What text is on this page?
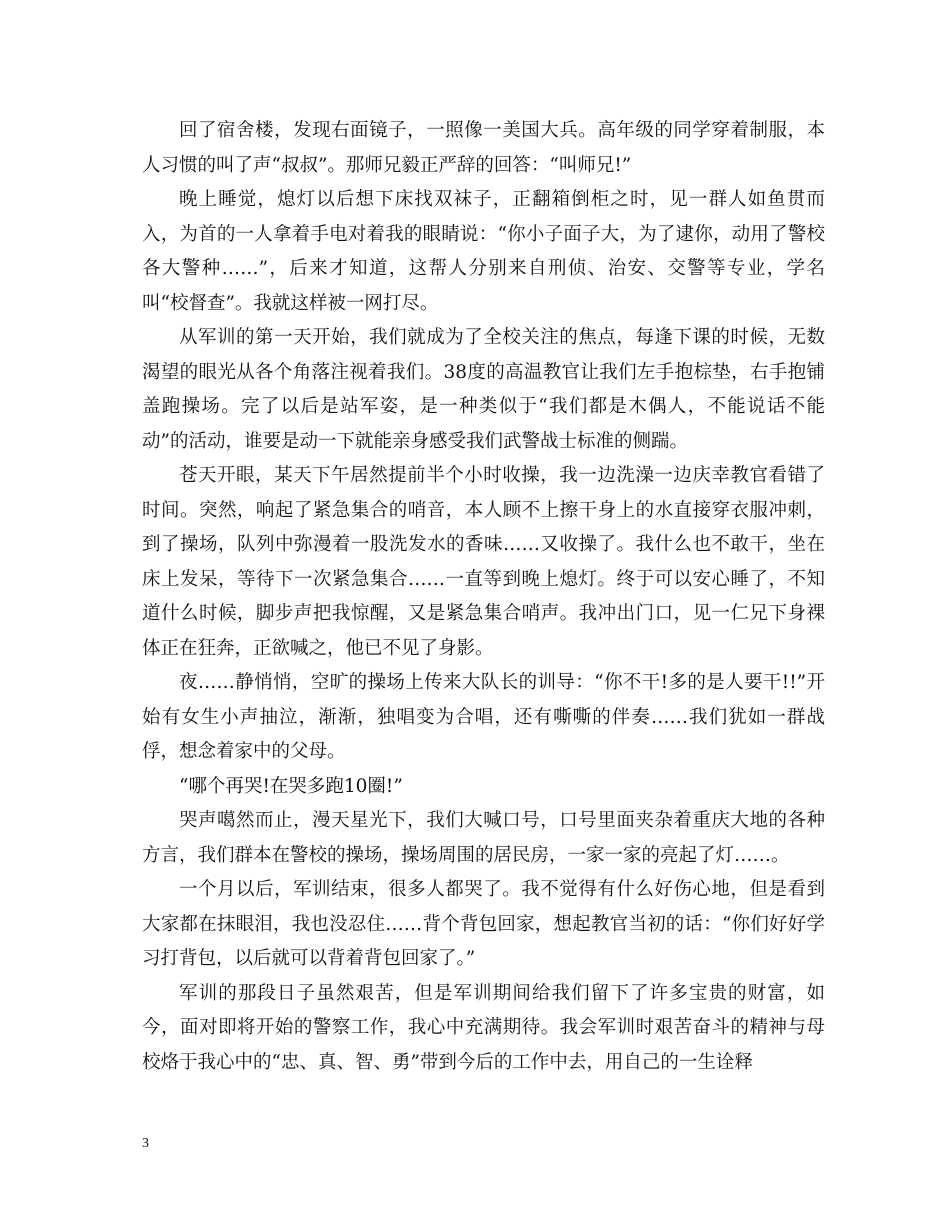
回了宿舍楼，发现右面镜子，一照像一美国大兵。高年级的同学穿着制服，本人习惯的叫了声“叔叔”。那师兄毅正严辞的回答：“叫师兄!”

晚上睡觉，熄灯以后想下床找双袜子，正翻箱倒柜之时，见一群人如鱼贯而入，为首的一人拿着手电对着我的眼睛说：“你小子面子大，为了逮你，动用了警校各大警种……”，后来才知道，这帮人分别来自刑侦、治安、交警等专业，学名叫“校督查”。我就这样被一网打尽。

从军训的第一天开始，我们就成为了全校关注的焦点，每逢下课的时候，无数渴望的眼光从各个角落注视着我们。38度的高温教官让我们左手抱棕垫，右手抱铺盖跑操场。完了以后是站军姿，是一种类似于“我们都是木偶人，不能说话不能动”的活动，谁要是动一下就能亲身感受我们武警战士标准的侧踹。

苍天开眼，某天下午居然提前半个小时收操，我一边洗澡一边庆幸教官看错了时间。突然，响起了紧急集合的哨音，本人顾不上擦干身上的水直接穿衣服冲刺，到了操场，队列中弥漫着一股洗发水的香味……又收操了。我什么也不敢干，坐在床上发呆，等待下一次紧急集合……一直等到晚上熄灯。终于可以安心睡了，不知道什么时候，脚步声把我惊醒，又是紧急集合哨声。我冲出门口，见一仁兄下身裸体正在狂奔，正欲喊之，他已不见了身影。

夜……静悄悄，空旷的操场上传来大队长的训导：“你不干!多的是人要干!!”开始有女生小声抽泣，渐渐，独唱变为合唱，还有嘶嘶的伴奏……我们犹如一群战俘，想念着家中的父母。

“哪个再哭!在哭多跑10圈!”

哭声噶然而止，漫天星光下，我们大喊口号，口号里面夹杂着重庆大地的各种方言，我们群本在警校的操场，操场周围的居民房，一家一家的亮起了灯……。

一个月以后，军训结束，很多人都哭了。我不觉得有什么好伤心地，但是看到大家都在抹眼泪，我也没忍住……背个背包回家，想起教官当初的话：“你们好好学习打背包，以后就可以背着背包回家了。”

军训的那段日子虽然艰苦，但是军训期间给我们留下了许多宝贵的财富，如今，面对即将开始的警察工作，我心中充满期待。我会军训时艰苦奋斗的精神与母校烙于我心中的“忠、真、智、勇”带到今后的工作中去，用自己的一生诠释

3
